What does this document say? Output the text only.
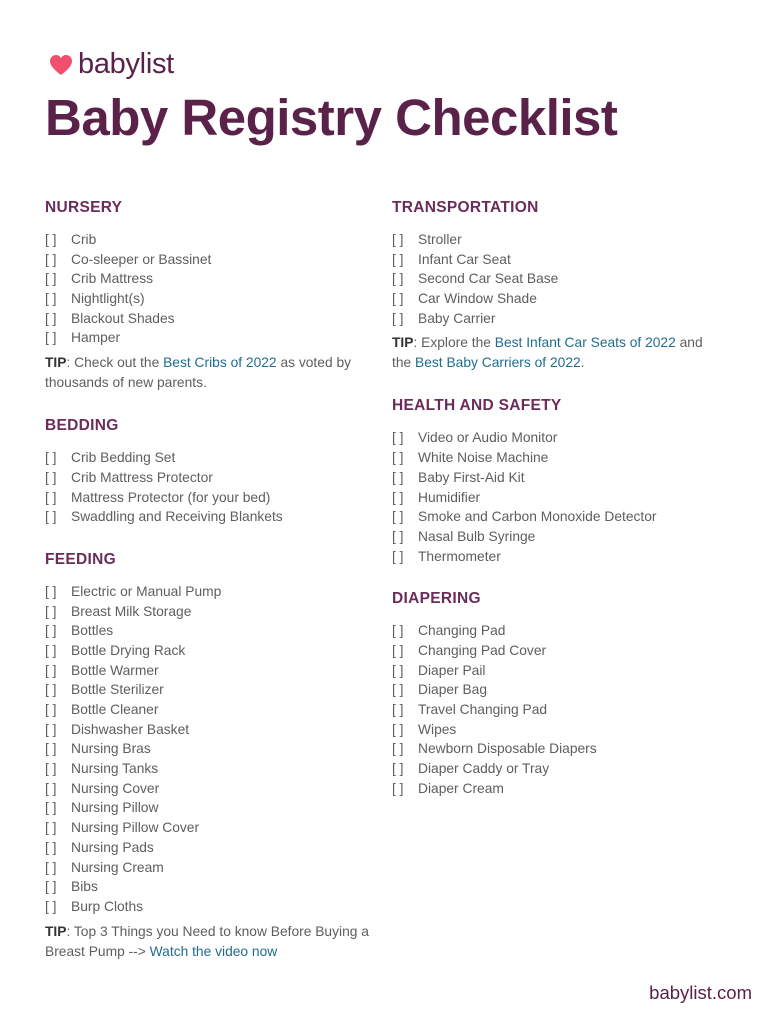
babylist
Baby Registry Checklist
NURSERY
[ ] Crib
[ ] Co-sleeper or Bassinet
[ ] Crib Mattress
[ ] Nightlight(s)
[ ] Blackout Shades
[ ] Hamper
TIP: Check out the Best Cribs of 2022 as voted by thousands of new parents.
BEDDING
[ ] Crib Bedding Set
[ ] Crib Mattress Protector
[ ] Mattress Protector (for your bed)
[ ] Swaddling and Receiving Blankets
FEEDING
[ ] Electric or Manual Pump
[ ] Breast Milk Storage
[ ] Bottles
[ ] Bottle Drying Rack
[ ] Bottle Warmer
[ ] Bottle Sterilizer
[ ] Bottle Cleaner
[ ] Dishwasher Basket
[ ] Nursing Bras
[ ] Nursing Tanks
[ ] Nursing Cover
[ ] Nursing Pillow
[ ] Nursing Pillow Cover
[ ] Nursing Pads
[ ] Nursing Cream
[ ] Bibs
[ ] Burp Cloths
TIP: Top 3 Things you Need to know Before Buying a Breast Pump --> Watch the video now
TRANSPORTATION
[ ] Stroller
[ ] Infant Car Seat
[ ] Second Car Seat Base
[ ] Car Window Shade
[ ] Baby Carrier
TIP: Explore the Best Infant Car Seats of 2022 and the Best Baby Carriers of 2022.
HEALTH AND SAFETY
[ ] Video or Audio Monitor
[ ] White Noise Machine
[ ] Baby First-Aid Kit
[ ] Humidifier
[ ] Smoke and Carbon Monoxide Detector
[ ] Nasal Bulb Syringe
[ ] Thermometer
DIAPERING
[ ] Changing Pad
[ ] Changing Pad Cover
[ ] Diaper Pail
[ ] Diaper Bag
[ ] Travel Changing Pad
[ ] Wipes
[ ] Newborn Disposable Diapers
[ ] Diaper Caddy or Tray
[ ] Diaper Cream
babylist.com
